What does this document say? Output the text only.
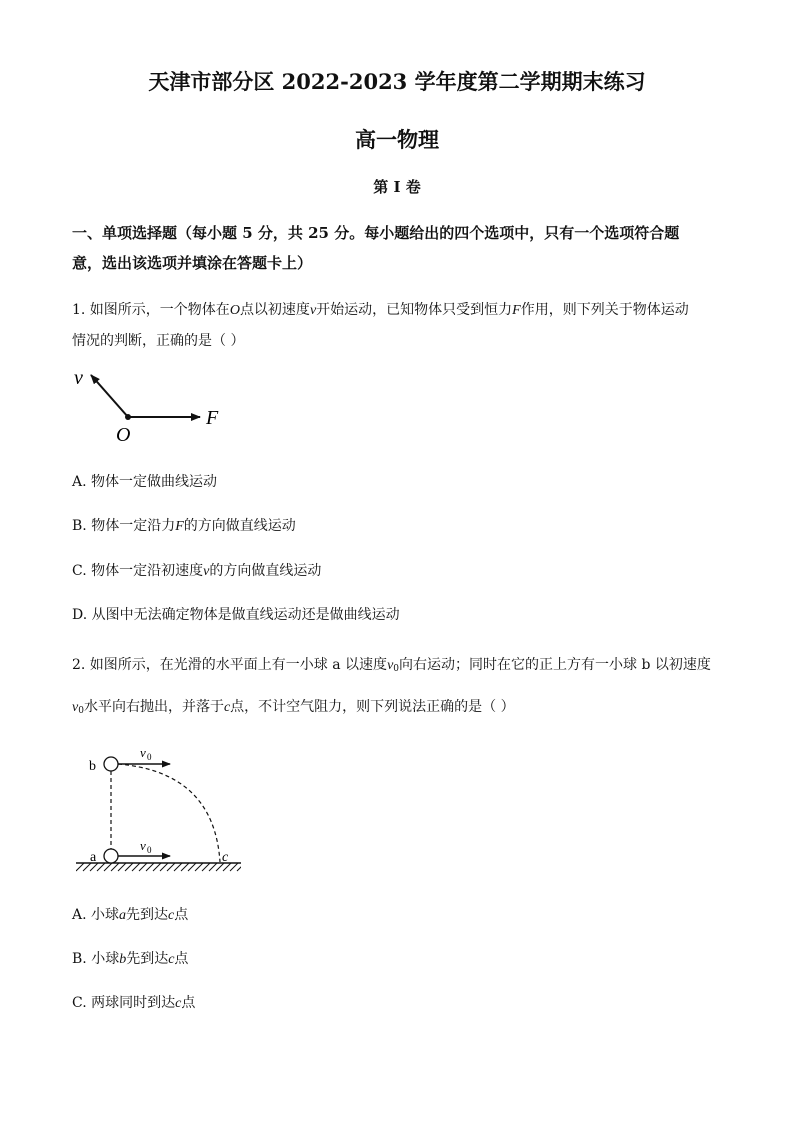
天津市部分区 2022-2023 学年度第二学期期末练习
高一物理
第 I 卷
一、单项选择题（每小题 5 分，共 25 分。每小题给出的四个选项中，只有一个选项符合题
意，选出该选项并填涂在答题卡上）
1. 如图所示，一个物体在O点以初速度v开始运动，已知物体只受到恒力F作用，则下列关于物体运动
情况的判断，正确的是（ ）
v
O
F
A. 物体一定做曲线运动
B. 物体一定沿力F的方向做直线运动
C. 物体一定沿初速度v的方向做直线运动
D. 从图中无法确定物体是做直线运动还是做曲线运动
2. 如图所示，在光滑的水平面上有一小球 a 以速度$v_0$向右运动；同时在它的正上方有一小球 b 以初速度
$v_0$水平向右抛出，并落于c点，不计空气阻力，则下列说法正确的是（ ）
b
a	c
v 0
v 0
A. 小球a先到达c点
B. 小球b先到达c点
C. 两球同时到达c点
